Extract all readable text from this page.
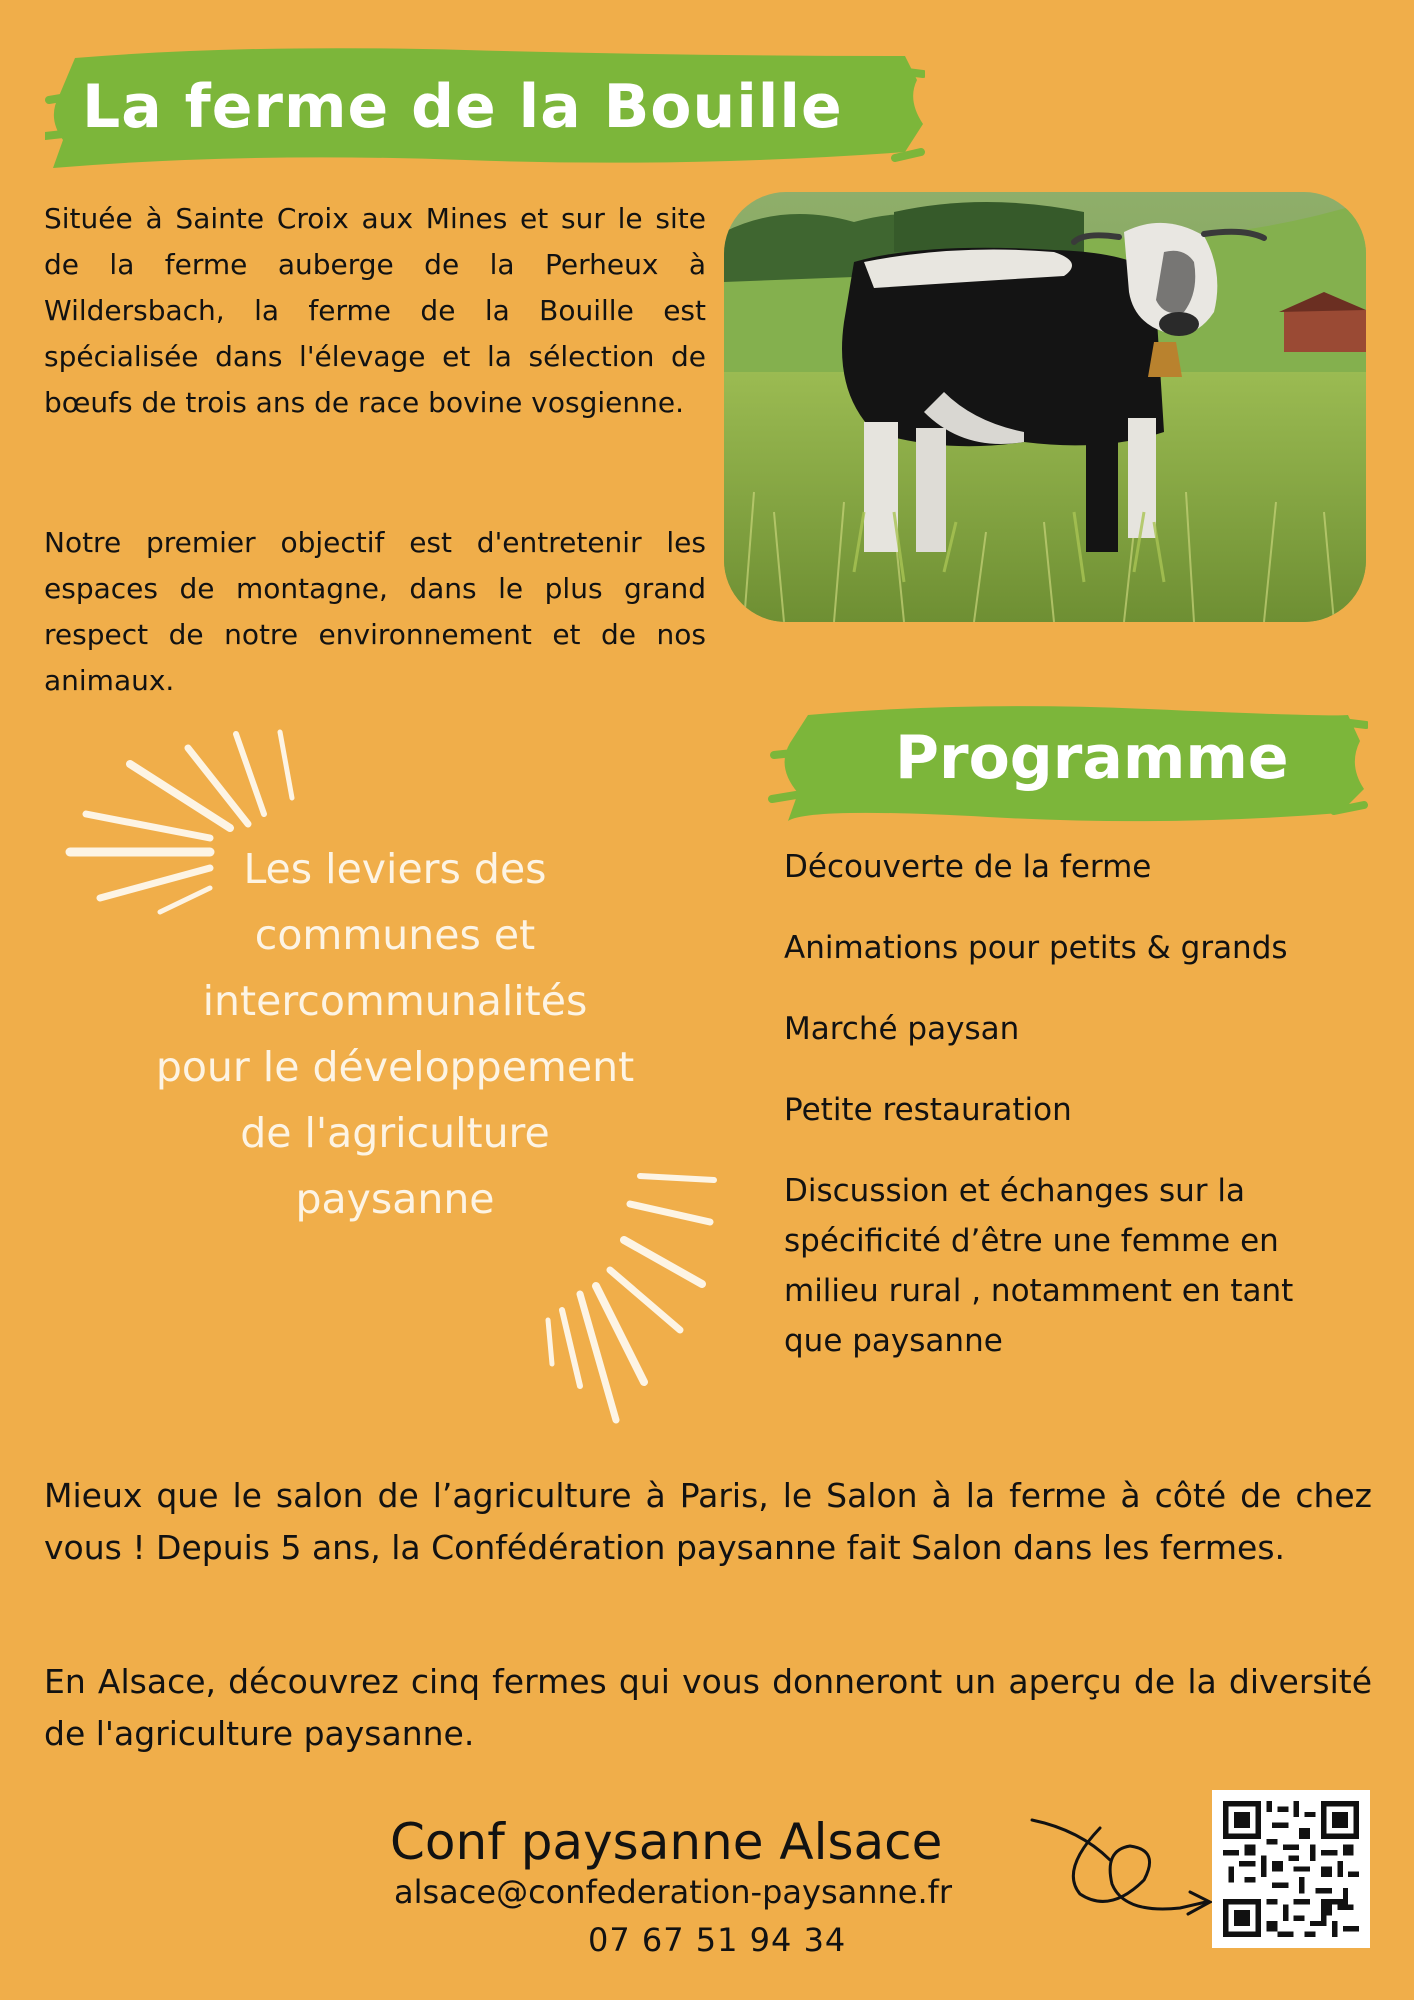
La ferme de la Bouille

Située à Sainte Croix aux Mines et sur le site de la ferme auberge de la Perheux à Wildersbach, la ferme de la Bouille est spécialisée dans l'élevage et la sélection de bœufs de trois ans de race bovine vosgienne.

Notre premier objectif est d'entretenir les espaces de montagne, dans le plus grand respect de notre environnement et de nos animaux.

Les leviers des communes et intercommunalités pour le développement de l'agriculture paysanne

Programme
Découverte de la ferme
Animations pour petits & grands
Marché paysan
Petite restauration
Discussion et échanges sur la spécificité d’être une femme en milieu rural , notamment en tant que paysanne

Mieux que le salon de l’agriculture à Paris, le Salon à la ferme à côté de chez vous ! Depuis 5 ans, la Confédération paysanne fait Salon dans les fermes.

En Alsace, découvrez cinq fermes qui vous donneront un aperçu de la diversité de l'agriculture paysanne.

Conf paysanne Alsace
alsace@confederation-paysanne.fr
07 67 51 94 34
